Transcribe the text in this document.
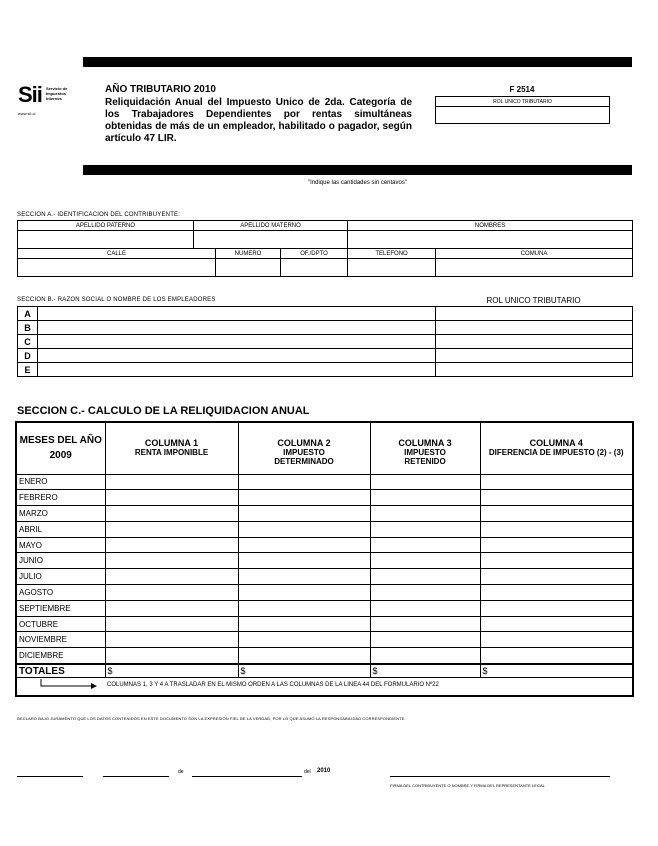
Sii Servicio de Impuestos Internos
www.sii.cl
AÑO TRIBUTARIO 2010
Reliquidación Anual del Impuesto Unico de 2da. Categoría de los Trabajadores Dependientes por rentas simultáneas obtenidas de más de un empleador, habilitado o pagador, según artículo 47 LIR.
F 2514
ROL UNICO TRIBUTARIO
"Indique las cantidades sin centavos"
SECCION A.- IDENTIFICACION DEL CONTRIBUYENTE:
APELLIDO PATERNO	APELLIDO MATERNO			NOMBRES	

CALLE		NUMERO	OF./DPTO	TELEFONO	COMUNA

SECCION B.- RAZON SOCIAL O NOMBRE DE LOS EMPLEADORES	ROL UNICO TRIBUTARIO
A		
B		
C		
D		
E		
SECCION C.- CALCULO DE LA RELIQUIDACION ANUAL
MESES DEL AÑO
2009	COLUMNA 1	COLUMNA 2	COLUMNA 3	COLUMNA 4
	RENTA IMPONIBLE	IMPUESTO DETERMINADO	IMPUESTO RETENIDO	DIFERENCIA DE IMPUESTO (2) - (3)
ENERO				
FEBRERO				
MARZO				
ABRIL				
MAYO				
JUNIO				
JULIO				
AGOSTO				
SEPTIEMBRE				
OCTUBRE				
NOVIEMBRE				
DICIEMBRE				
TOTALES	$	$	$	$

COLUMNAS 1, 3 Y 4 A TRASLADAR EN EL MISMO ORDEN A LAS COLUMNAS DE LA LINEA 44 DEL FORMULARIO Nº22				
DECLARO BAJO JURAMENTO QUE LOS DATOS CONTENIDOS EN ESTE DOCUMENTO SON LA EXPRESION FIEL DE LA VERDAD, POR LO QUE ASUMO LA RESPONSABILIDAD CORRESPONDIENTE.
de	del 2010
FIRMA DEL CONTRIBUYENTE O NOMBRE Y FIRMA DEL REPRESENTANTE LEGAL
